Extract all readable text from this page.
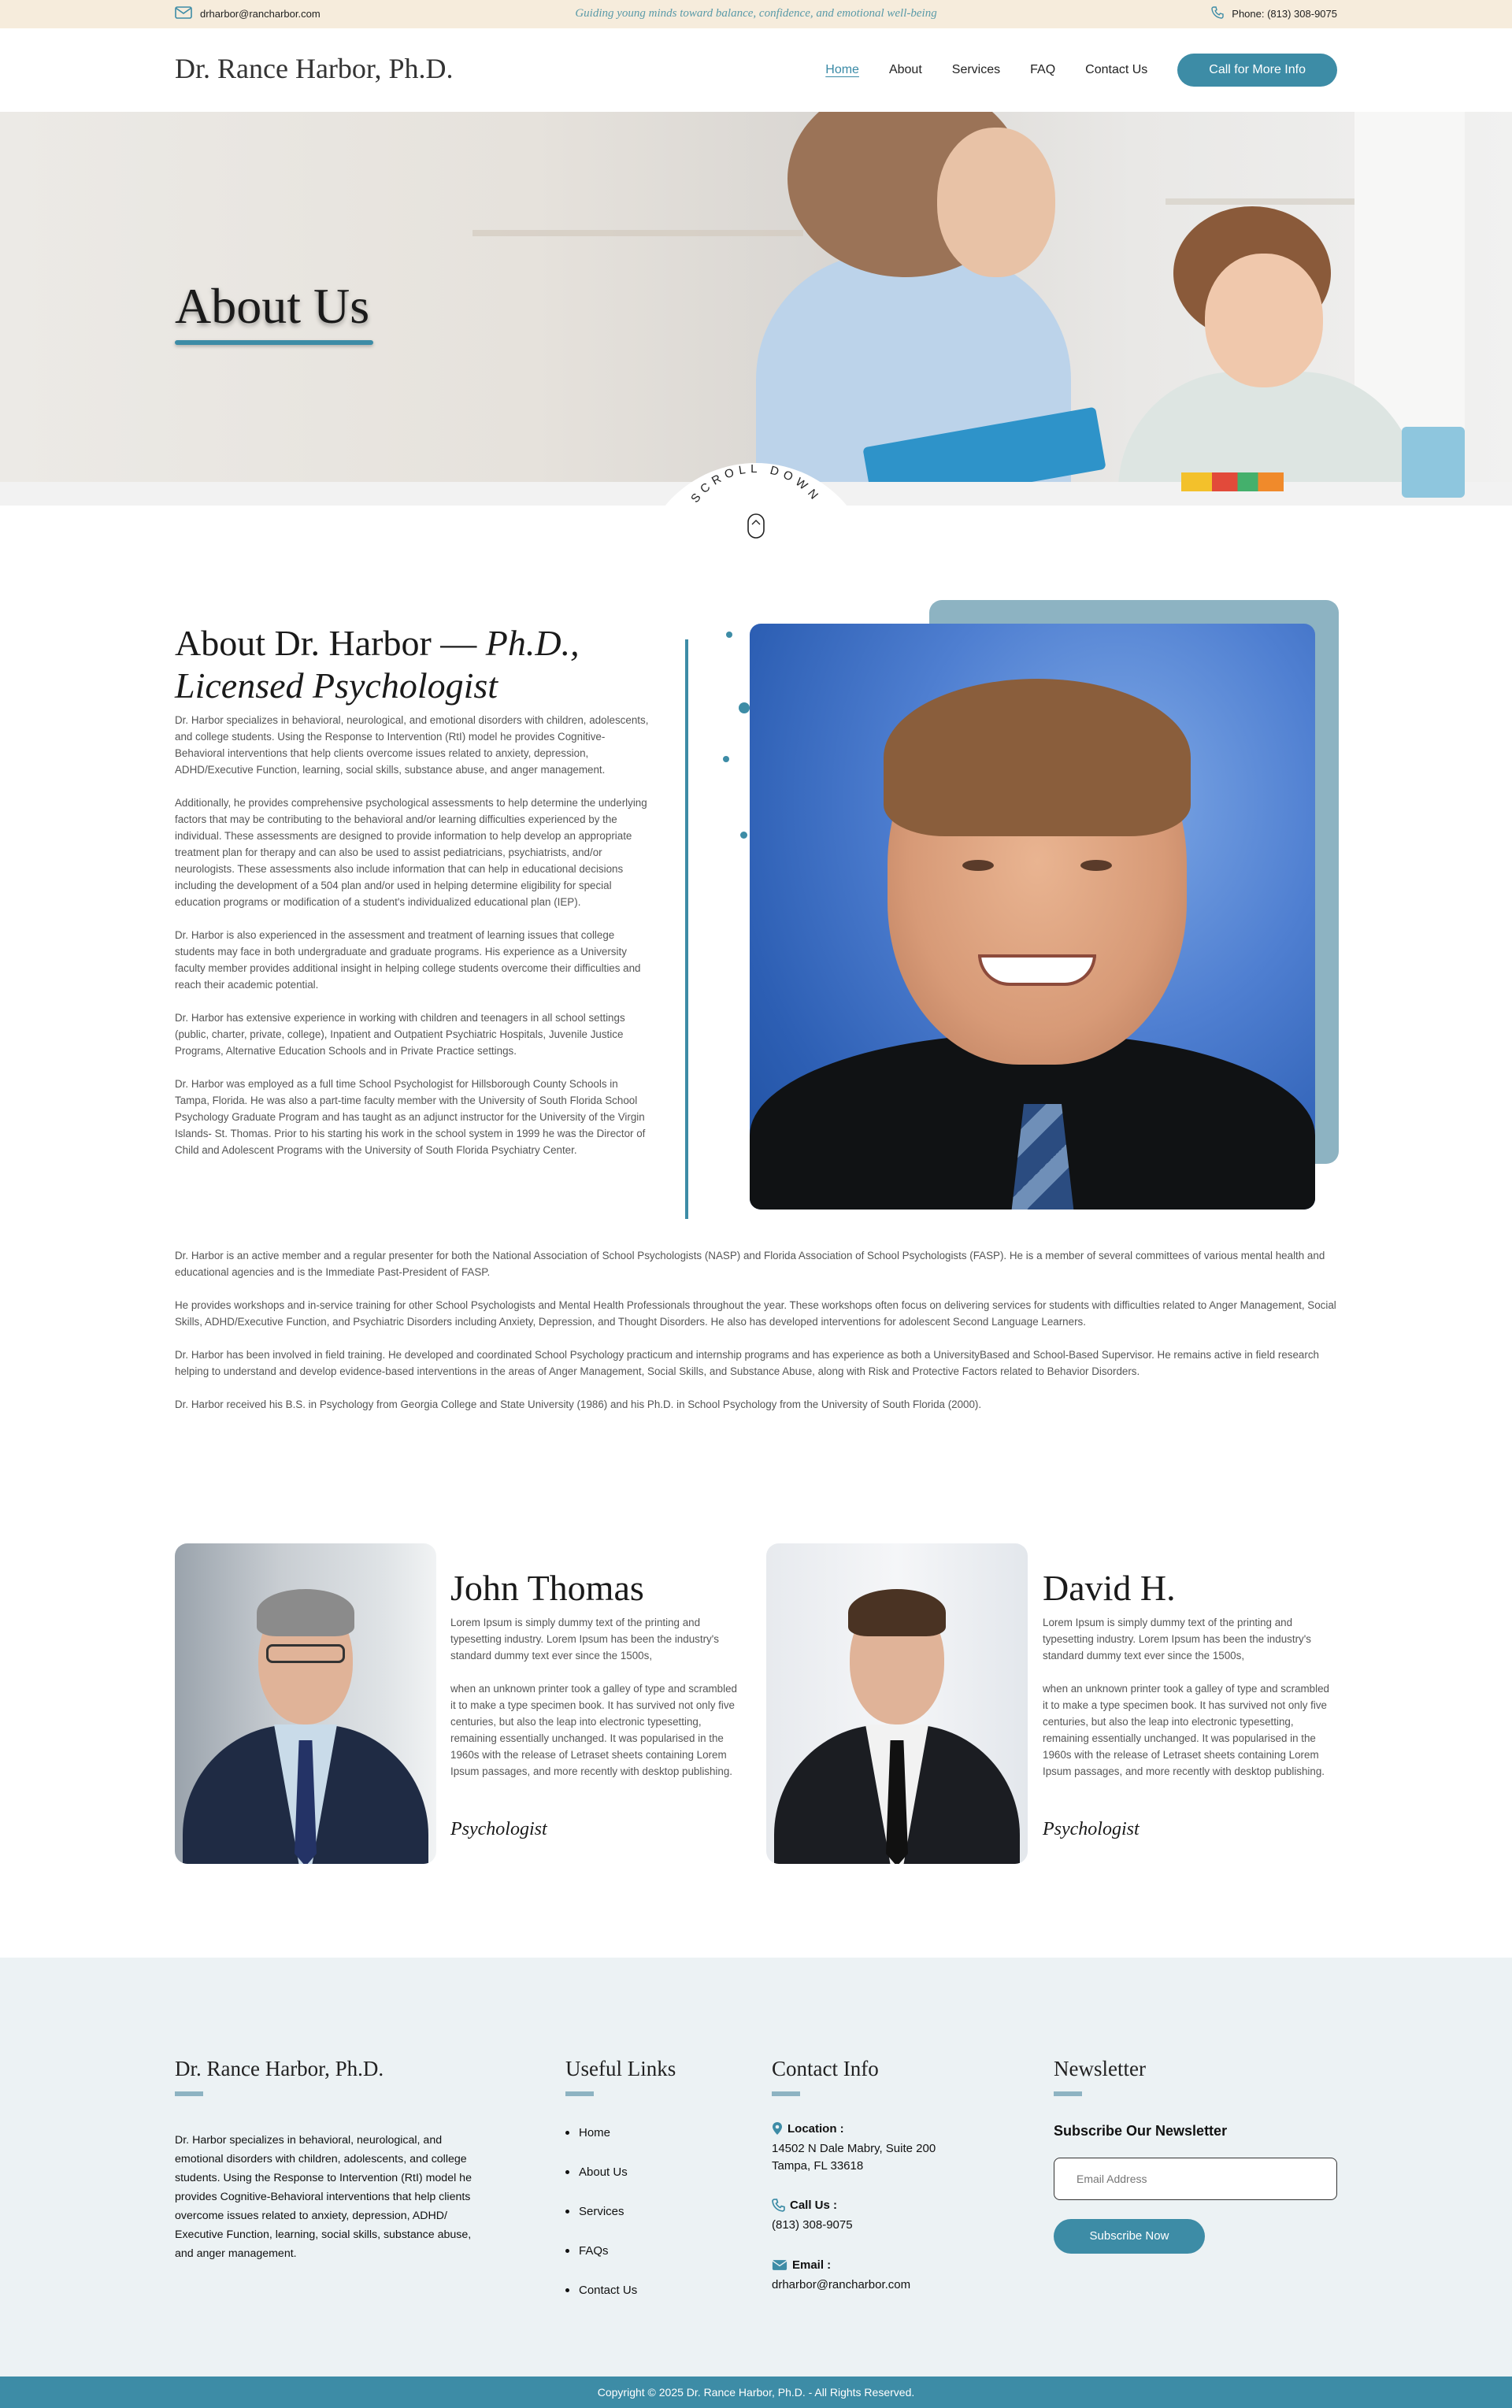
drharbor@rancharbor.com	Guiding young minds toward balance, confidence, and emotional well-being	Phone: (813) 308-9075
Dr. Rance Harbor, Ph.D.	Home About Services FAQ Contact Us	Call for More Info
About Us
SCROLL DOWN
About Dr. Harbor — Ph.D.,
Licensed Psychologist

Dr. Harbor specializes in behavioral, neurological, and emotional disorders with children, adolescents, and college students. Using the Response to Intervention (RtI) model he provides Cognitive-Behavioral interventions that help clients overcome issues related to anxiety, depression, ADHD/Executive Function, learning, social skills, substance abuse, and anger management.

Additionally, he provides comprehensive psychological assessments to help determine the underlying factors that may be contributing to the behavioral and/or learning difficulties experienced by the individual. These assessments are designed to provide information to help develop an appropriate treatment plan for therapy and can also be used to assist pediatricians, psychiatrists, and/or neurologists. These assessments also include information that can help in educational decisions including the development of a 504 plan and/or used in helping determine eligibility for special education programs or modification of a student's individualized educational plan (IEP).

Dr. Harbor is also experienced in the assessment and treatment of learning issues that college students may face in both undergraduate and graduate programs. His experience as a University faculty member provides additional insight in helping college students overcome their difficulties and reach their academic potential.

Dr. Harbor has extensive experience in working with children and teenagers in all school settings (public, charter, private, college), Inpatient and Outpatient Psychiatric Hospitals, Juvenile Justice Programs, Alternative Education Schools and in Private Practice settings.

Dr. Harbor was employed as a full time School Psychologist for Hillsborough County Schools in Tampa, Florida. He was also a part-time faculty member with the University of South Florida School Psychology Graduate Program and has taught as an adjunct instructor for the University of the Virgin Islands- St. Thomas. Prior to his starting his work in the school system in 1999 he was the Director of Child and Adolescent Programs with the University of South Florida Psychiatry Center.

Dr. Harbor is an active member and a regular presenter for both the National Association of School Psychologists (NASP) and Florida Association of School Psychologists (FASP). He is a member of several committees of various mental health and educational agencies and is the Immediate Past-President of FASP.

He provides workshops and in-service training for other School Psychologists and Mental Health Professionals throughout the year. These workshops often focus on delivering services for students with difficulties related to Anger Management, Social Skills, ADHD/Executive Function, and Psychiatric Disorders including Anxiety, Depression, and Thought Disorders. He also has developed interventions for adolescent Second Language Learners.

Dr. Harbor has been involved in field training. He developed and coordinated School Psychology practicum and internship programs and has experience as both a UniversityBased and School-Based Supervisor. He remains active in field research helping to understand and develop evidence-based interventions in the areas of Anger Management, Social Skills, and Substance Abuse, along with Risk and Protective Factors related to Behavior Disorders.

Dr. Harbor received his B.S. in Psychology from Georgia College and State University (1986) and his Ph.D. in School Psychology from the University of South Florida (2000).

John Thomas

Lorem Ipsum is simply dummy text of the printing and typesetting industry. Lorem Ipsum has been the industry's standard dummy text ever since the 1500s,

when an unknown printer took a galley of type and scrambled it to make a type specimen book. It has survived not only five centuries, but also the leap into electronic typesetting, remaining essentially unchanged. It was popularised in the 1960s with the release of Letraset sheets containing Lorem Ipsum passages, and more recently with desktop publishing.

Psychologist
David H.

Lorem Ipsum is simply dummy text of the printing and typesetting industry. Lorem Ipsum has been the industry's standard dummy text ever since the 1500s,

when an unknown printer took a galley of type and scrambled it to make a type specimen book. It has survived not only five centuries, but also the leap into electronic typesetting, remaining essentially unchanged. It was popularised in the 1960s with the release of Letraset sheets containing Lorem Ipsum passages, and more recently with desktop publishing.

Psychologist
Dr. Rance Harbor, Ph.D.
Dr. Harbor specializes in behavioral, neurological, and emotional disorders with children, adolescents, and college students. Using the Response to Intervention (RtI) model he provides Cognitive-Behavioral interventions that help clients overcome issues related to anxiety, depression, ADHD/ Executive Function, learning, social skills, substance abuse, and anger management.
Useful Links
Home
About Us
Services
FAQs
Contact Us
Contact Info
Location :
14502 N Dale Mabry, Suite 200 Tampa, FL 33618
Call Us :
(813) 308-9075
Email :
drharbor@rancharbor.com
Newsletter
Subscribe Our Newsletter
Email Address
Subscribe Now
Copyright © 2025 Dr. Rance Harbor, Ph.D. - All Rights Reserved.
